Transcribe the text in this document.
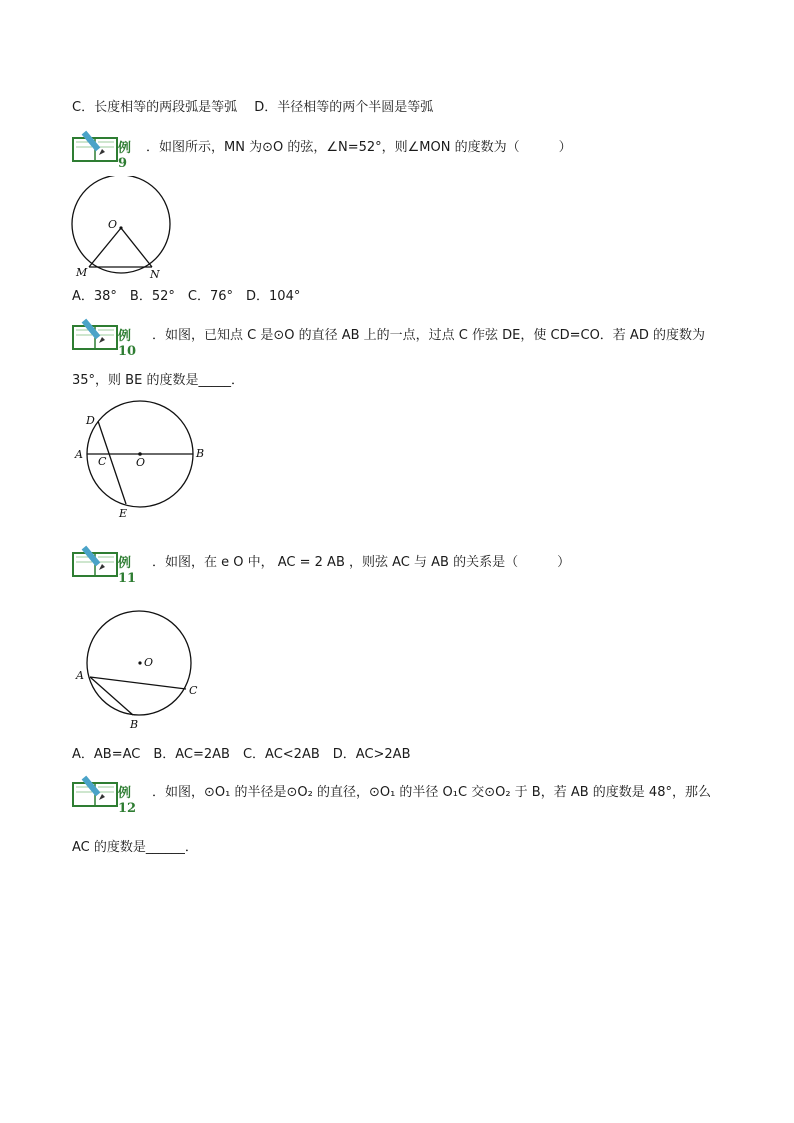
C．长度相等的两段弧是等弧　 D．半径相等的两个半圆是等弧
例9
．如图所示，MN 为⊙O 的弦，∠N=52°，则∠MON 的度数为（　　　）
O
M	N
A．38°　B．52°　C．76°　D．104°
例10
．如图，已知点 C 是⊙O 的直径 AB 上的一点，过点 C 作弦 DE，使 CD=CO．若 AD 的度数为
35°，则 BE 的度数是_____．
D
A
C	O
B
E
例11
．如图，在 e O 中， AC = 2 AB ，则弦 AC 与 AB 的关系是（　　　）
O
A
B
C
A．AB=AC　B．AC=2AB　C．AC<2AB　D．AC>2AB
例12
．如图，⊙O₁ 的半径是⊙O₂ 的直径，⊙O₁ 的半径 O₁C 交⊙O₂ 于 B，若 AB 的度数是 48°，那么
AC 的度数是______．
